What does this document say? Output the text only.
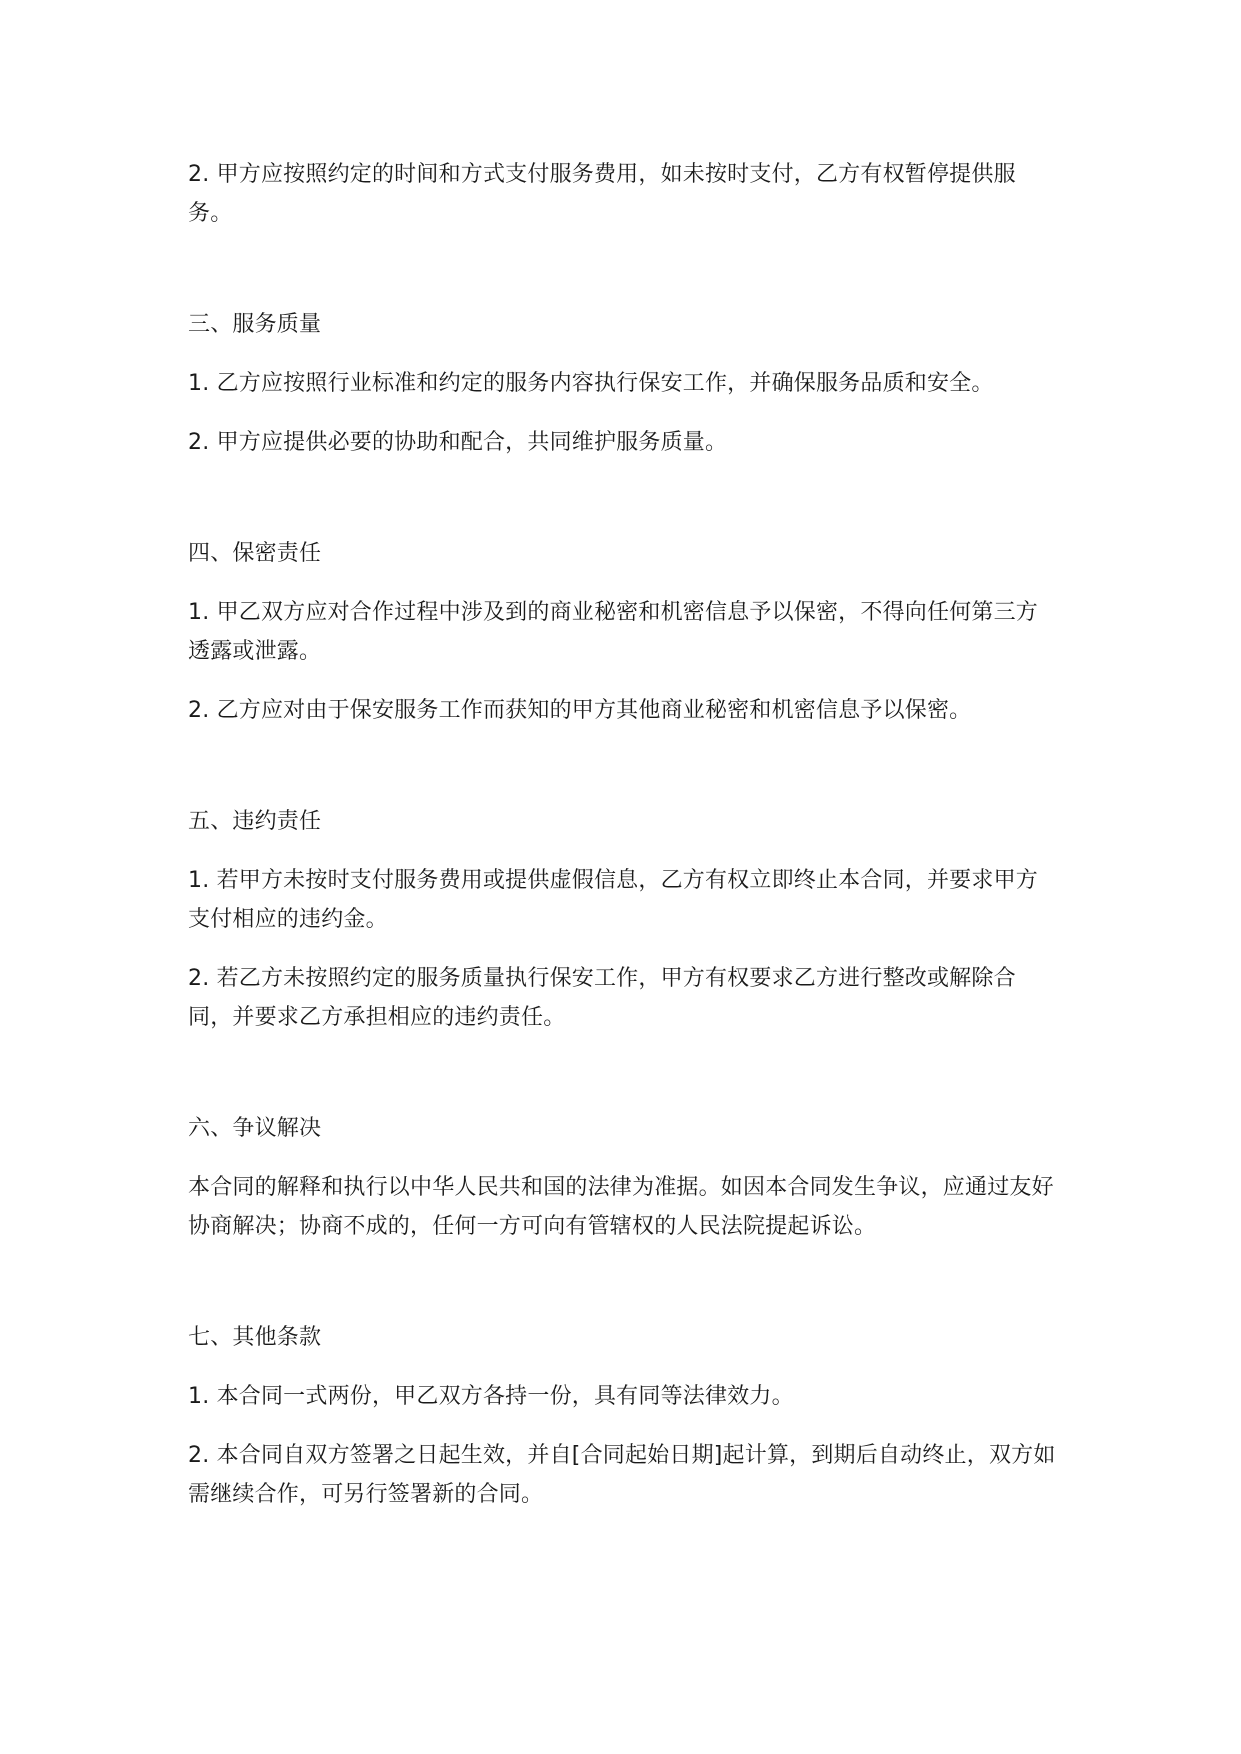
2. 甲方应按照约定的时间和方式支付服务费用，如未按时支付，乙方有权暂停提供服务。

三、服务质量

1. 乙方应按照行业标准和约定的服务内容执行保安工作，并确保服务品质和安全。

2. 甲方应提供必要的协助和配合，共同维护服务质量。

四、保密责任

1. 甲乙双方应对合作过程中涉及到的商业秘密和机密信息予以保密，不得向任何第三方透露或泄露。

2. 乙方应对由于保安服务工作而获知的甲方其他商业秘密和机密信息予以保密。

五、违约责任

1. 若甲方未按时支付服务费用或提供虚假信息，乙方有权立即终止本合同，并要求甲方支付相应的违约金。

2. 若乙方未按照约定的服务质量执行保安工作，甲方有权要求乙方进行整改或解除合同，并要求乙方承担相应的违约责任。

六、争议解决

本合同的解释和执行以中华人民共和国的法律为准据。如因本合同发生争议，应通过友好协商解决；协商不成的，任何一方可向有管辖权的人民法院提起诉讼。

七、其他条款

1. 本合同一式两份，甲乙双方各持一份，具有同等法律效力。

2. 本合同自双方签署之日起生效，并自[合同起始日期]起计算，到期后自动终止，双方如需继续合作，可另行签署新的合同。
